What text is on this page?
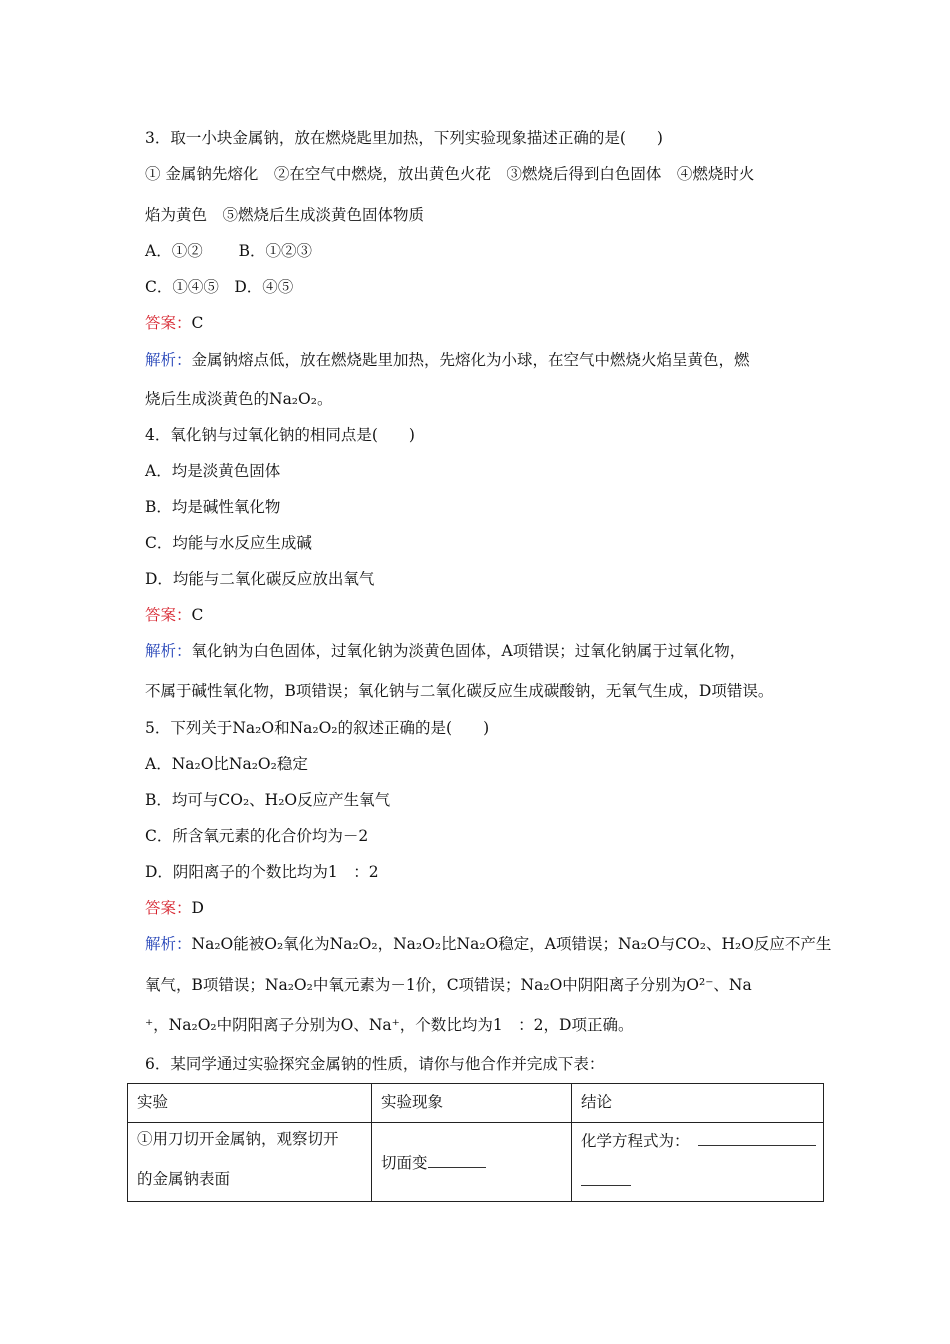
3．取一小块金属钠，放在燃烧匙里加热，下列实验现象描述正确的是(　　)
① 金属钠先熔化　②在空气中燃烧，放出黄色火花　③燃烧后得到白色固体　④燃烧时火
焰为黄色　⑤燃烧后生成淡黄色固体物质
A．①②　　 B．①②③
C．①④⑤　D．④⑤
答案：C
解析：金属钠熔点低，放在燃烧匙里加热，先熔化为小球，在空气中燃烧火焰呈黄色，燃
烧后生成淡黄色的Na₂O₂。
4．氧化钠与过氧化钠的相同点是(　　)
A．均是淡黄色固体
B．均是碱性氧化物
C．均能与水反应生成碱
D．均能与二氧化碳反应放出氧气
答案：C
解析：氧化钠为白色固体，过氧化钠为淡黄色固体，A项错误；过氧化钠属于过氧化物，
不属于碱性氧化物，B项错误；氧化钠与二氧化碳反应生成碳酸钠，无氧气生成，D项错误。
5．下列关于Na₂O和Na₂O₂的叙述正确的是(　　)
A．Na₂O比Na₂O₂稳定
B．均可与CO₂、H₂O反应产生氧气
C．所含氧元素的化合价均为－2
D．阴阳离子的个数比均为1　：2
答案：D
解析：Na₂O能被O₂氧化为Na₂O₂，Na₂O₂比Na₂O稳定，A项错误；Na₂O与CO₂、H₂O反应不产生
氧气，B项错误；Na₂O₂中氧元素为－1价，C项错误；Na₂O中阴阳离子分别为O²⁻、Na
⁺，Na₂O₂中阴阳离子分别为O、Na⁺，个数比均为1　：2，D项正确。
6．某同学通过实验探究金属钠的性质，请你与他合作并完成下表：
实验	实验现象	结论

①用刀切开金属钠，观察切开
的金属钠表面	切面变	化学方程式为：
